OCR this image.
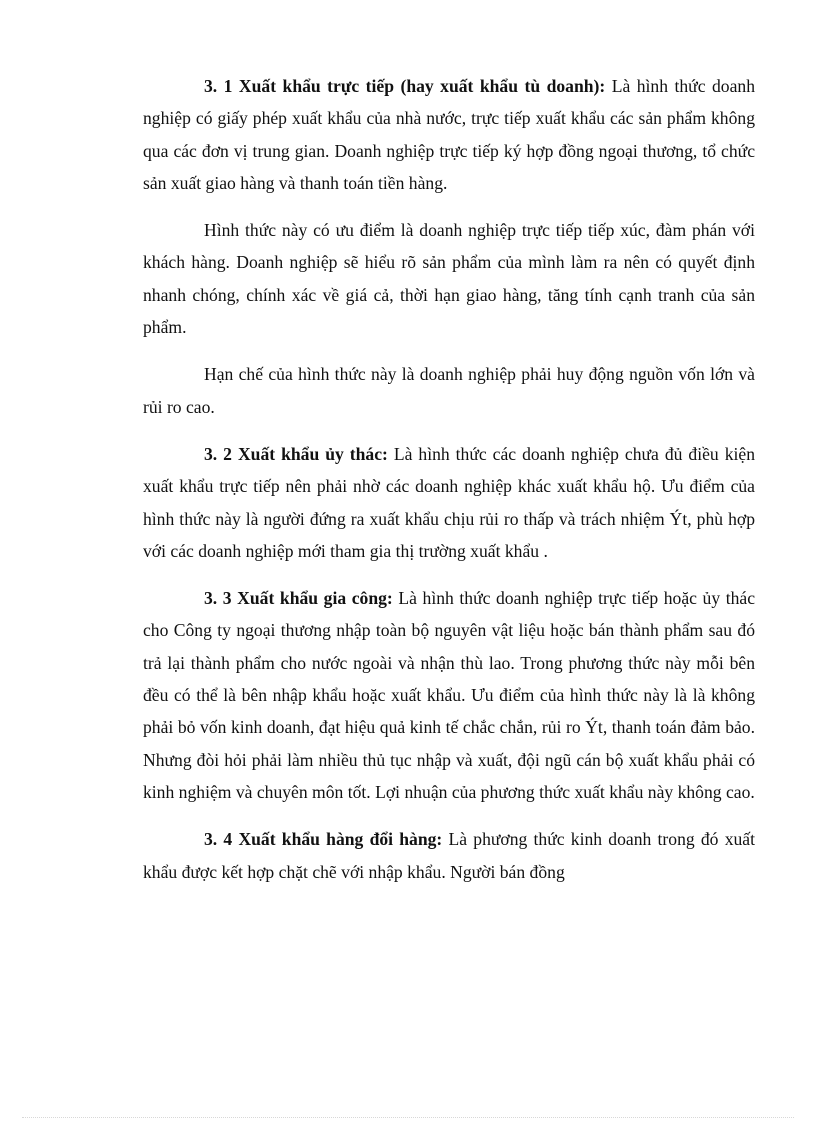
3. 1 Xuất khẩu trực tiếp (hay xuất khẩu tù doanh): Là hình thức doanh nghiệp có giấy phép xuất khẩu của nhà nước, trực tiếp xuất khẩu các sản phẩm không qua các đơn vị trung gian. Doanh nghiệp trực tiếp ký hợp đồng ngoại thương, tổ chức sản xuất giao hàng và thanh toán tiền hàng.

Hình thức này có ưu điểm là doanh nghiệp trực tiếp tiếp xúc, đàm phán với khách hàng. Doanh nghiệp sẽ hiểu rõ sản phẩm của mình làm ra nên có quyết định nhanh chóng, chính xác về giá cả, thời hạn giao hàng, tăng tính cạnh tranh của sản phẩm.

Hạn chế của hình thức này là doanh nghiệp phải huy động nguồn vốn lớn và rủi ro cao.

3. 2 Xuất khẩu ủy thác: Là hình thức các doanh nghiệp chưa đủ điều kiện xuất khẩu trực tiếp nên phải nhờ các doanh nghiệp khác xuất khẩu hộ. Ưu điểm của hình thức này là người đứng ra xuất khẩu chịu rủi ro thấp và trách nhiệm Ýt, phù hợp với các doanh nghiệp mới tham gia thị trường xuất khẩu .

3. 3 Xuất khẩu gia công: Là hình thức doanh nghiệp trực tiếp hoặc ủy thác cho Công ty ngoại thương nhập toàn bộ nguyên vật liệu hoặc bán thành phẩm sau đó trả lại thành phẩm cho nước ngoài và nhận thù lao. Trong phương thức này mỗi bên đều có thể là bên nhập khẩu hoặc xuất khẩu. Ưu điểm của hình thức này là là không phải bỏ vốn kinh doanh, đạt hiệu quả kinh tế chắc chắn, rủi ro Ýt, thanh toán đảm bảo. Nhưng đòi hỏi phải làm nhiều thủ tục nhập và xuất, đội ngũ cán bộ xuất khẩu phải có kinh nghiệm và chuyên môn tốt. Lợi nhuận của phương thức xuất khẩu này không cao.

3. 4 Xuất khẩu hàng đổi hàng: Là phương thức kinh doanh trong đó xuất khẩu được kết hợp chặt chẽ với nhập khẩu. Người bán đồng
